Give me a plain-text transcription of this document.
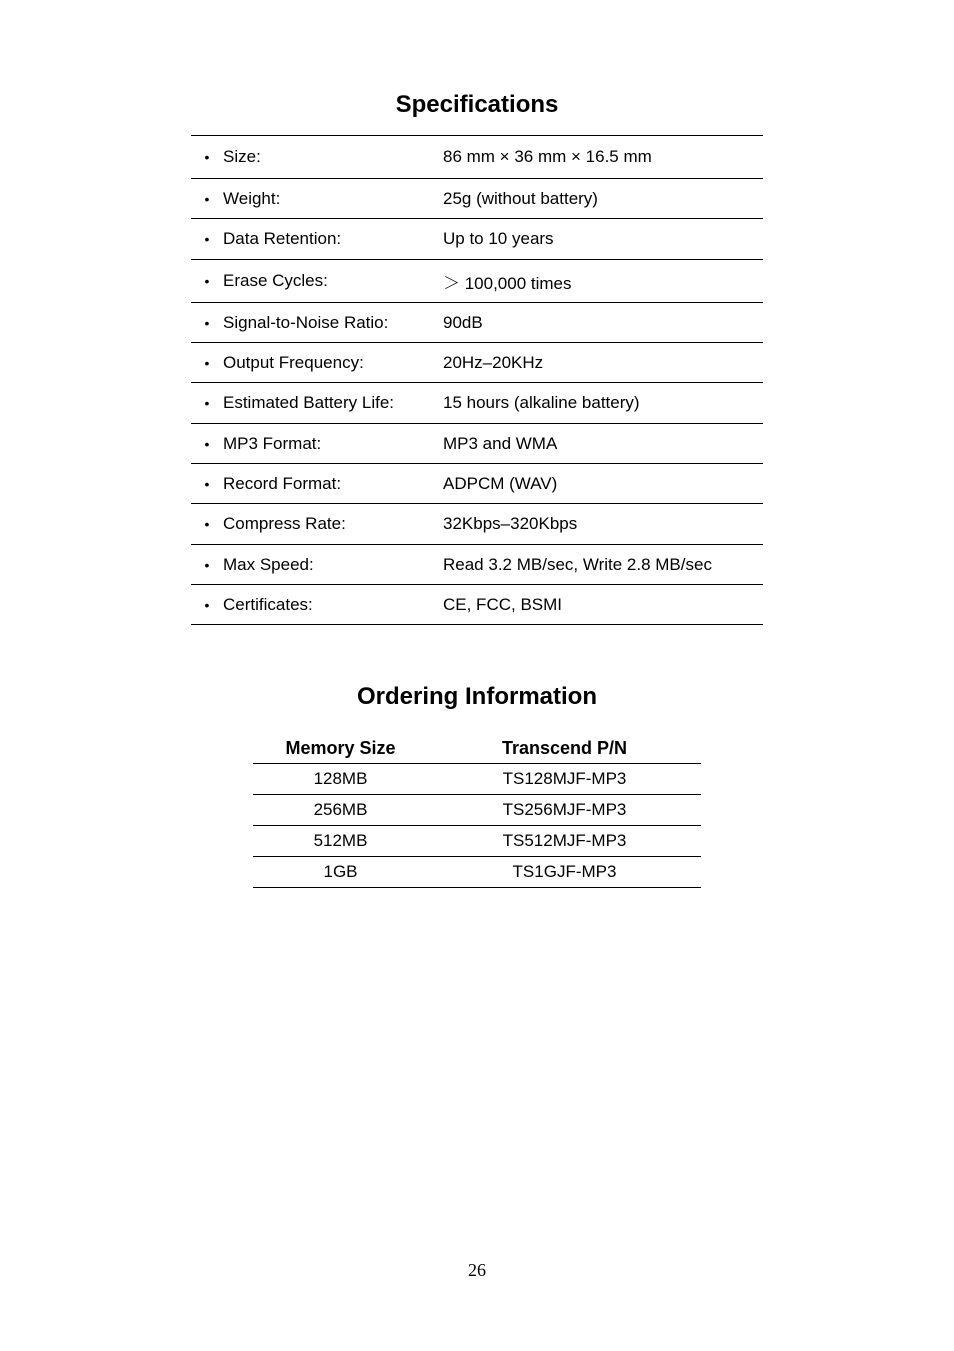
Specifications
• Size:	86 mm × 36 mm × 16.5 mm
• Weight:	25g (without battery)
• Data Retention:	Up to 10 years
• Erase Cycles:	＞ 100,000 times
• Signal-to-Noise Ratio:	90dB
• Output Frequency:	20Hz–20KHz
• Estimated Battery Life:	15 hours (alkaline battery)
• MP3 Format:	MP3 and WMA
• Record Format:	ADPCM (WAV)
• Compress Rate:	32Kbps–320Kbps
• Max Speed:	Read 3.2 MB/sec, Write 2.8 MB/sec
• Certificates:	CE, FCC, BSMI
Ordering Information
Memory Size	Transcend P/N
128MB	TS128MJF-MP3
256MB	TS256MJF-MP3
512MB	TS512MJF-MP3
1GB	TS1GJF-MP3
26
